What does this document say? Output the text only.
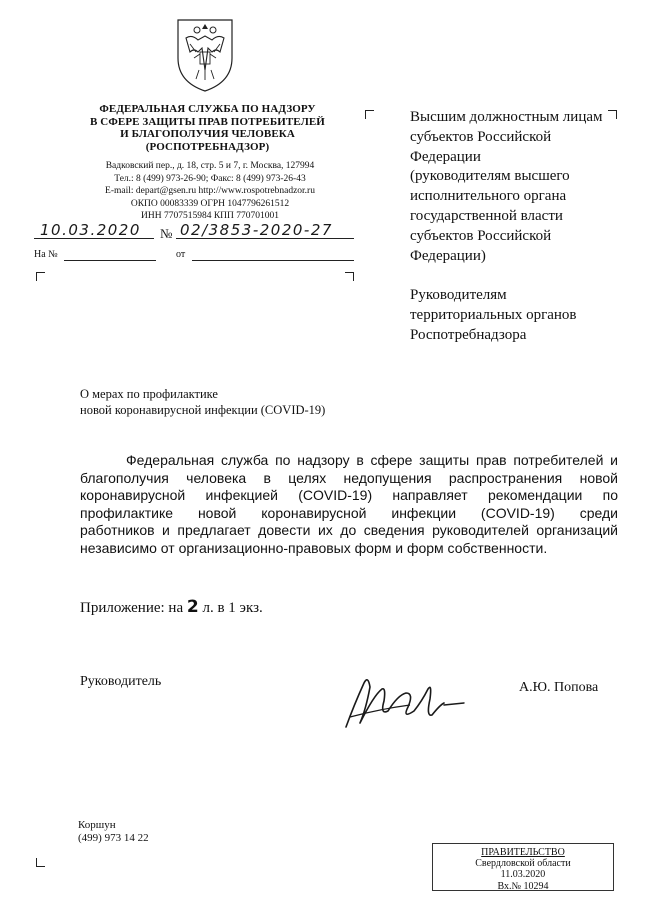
ФЕДЕРАЛЬНАЯ СЛУЖБА ПО НАДЗОРУ
В СФЕРЕ ЗАЩИТЫ ПРАВ ПОТРЕБИТЕЛЕЙ
И БЛАГОПОЛУЧИЯ ЧЕЛОВЕКА
(РОСПОТРЕБНАДЗОР)
Вадковский пер., д. 18, стр. 5 и 7, г. Москва, 127994
Тел.: 8 (499) 973-26-90; Факс: 8 (499) 973-26-43
E-mail: depart@gsen.ru http://www.rospotrebnadzor.ru
ОКПО 00083339 ОГРН 1047796261512
ИНН 7707515984 КПП 770701001
10.03.2020 № 02/3853-2020-27
На №	от
Высшим должностным лицам
субъектов Российской
Федерации
(руководителям высшего
исполнительного органа
государственной власти
субъектов Российской
Федерации)
Руководителям
территориальных органов
Роспотребнадзора
О мерах по профилактике
новой коронавирусной инфекции (COVID-19)
Федеральная служба по надзору в сфере защиты прав потребителей и
благополучия человека в целях недопущения распространения новой
коронавирусной инфекцией (COVID-19) направляет рекомендации по
профилактике новой коронавирусной инфекции (COVID-19) среди
работников и предлагает довести их до сведения руководителей организаций
независимо от организационно-правовых форм и форм собственности.
Приложение: на 2 л. в 1 экз.
Руководитель	А.Ю. Попова
Коршун
(499) 973 14 22
ПРАВИТЕЛЬСТВО
Свердловской области
11.03.2020
Вх.№ 10294
